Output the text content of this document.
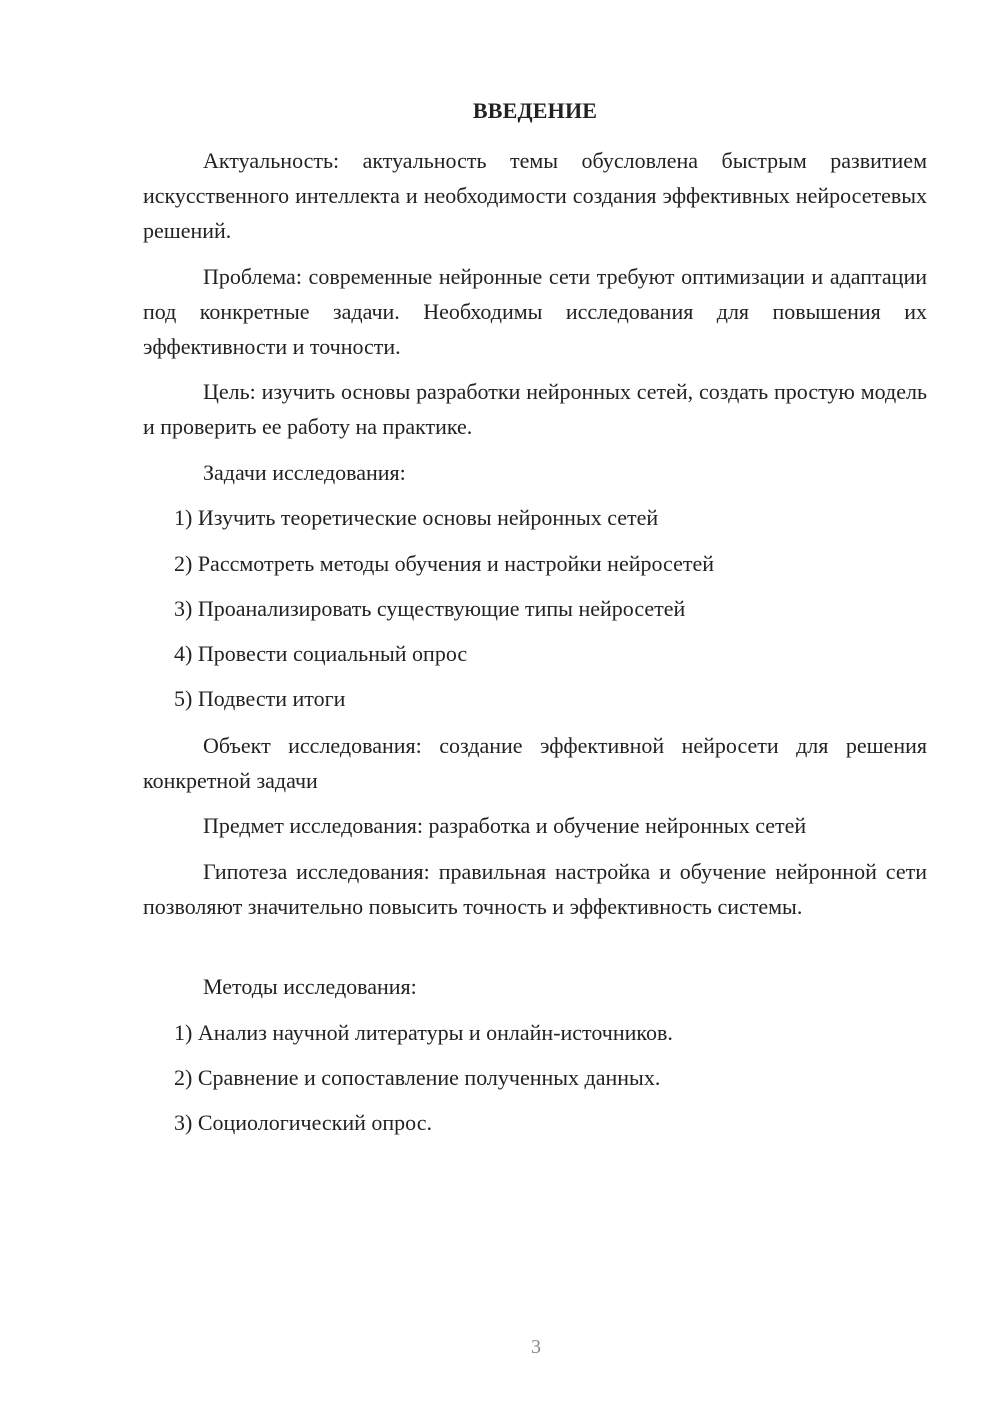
ВВЕДЕНИЕ

Актуальность: актуальность темы обусловлена быстрым развитием искусственного интеллекта и необходимости создания эффективных нейросетевых решений.

Проблема: современные нейронные сети требуют оптимизации и адаптации под конкретные задачи. Необходимы исследования для повышения их эффективности и точности.

Цель: изучить основы разработки нейронных сетей, создать простую модель и проверить ее работу на практике.

Задачи исследования:
1) Изучить теоретические основы нейронных сетей
2) Рассмотреть методы обучения и настройки нейросетей
3) Проанализировать существующие типы нейросетей
4) Провести социальный опрос
5) Подвести итоги

Объект исследования: создание эффективной нейросети для решения конкретной задачи

Предмет исследования: разработка и обучение нейронных сетей

Гипотеза исследования: правильная настройка и обучение нейронной сети позволяют значительно повысить точность и эффективность системы.

Методы исследования:
1) Анализ научной литературы и онлайн-источников.
2) Сравнение и сопоставление полученных данных.
3) Социологический опрос.
3
